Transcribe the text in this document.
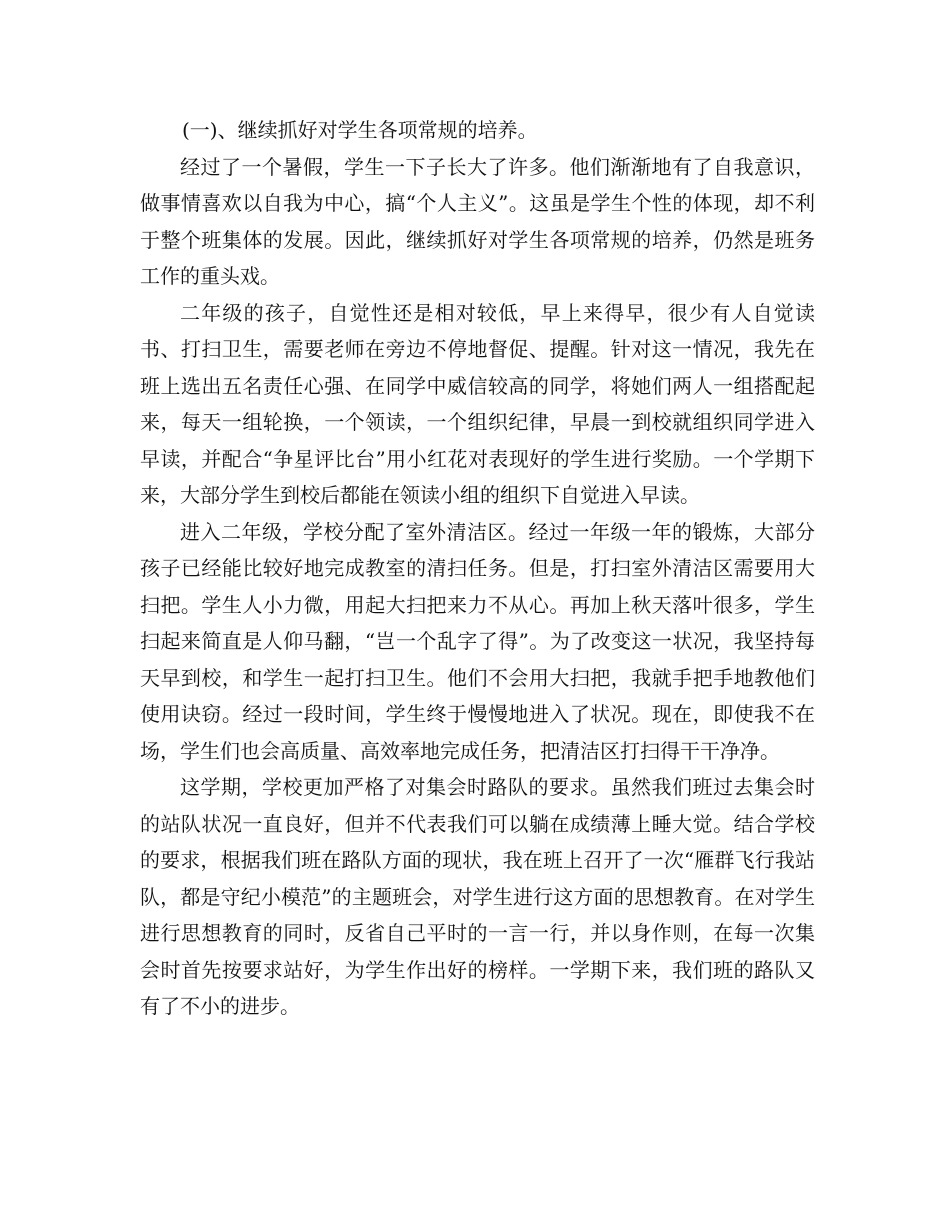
(一)、继续抓好对学生各项常规的培养。

经过了一个暑假，学生一下子长大了许多。他们渐渐地有了自我意识，做事情喜欢以自我为中心，搞“个人主义”。这虽是学生个性的体现，却不利于整个班集体的发展。因此，继续抓好对学生各项常规的培养，仍然是班务工作的重头戏。

二年级的孩子，自觉性还是相对较低，早上来得早，很少有人自觉读书、打扫卫生，需要老师在旁边不停地督促、提醒。针对这一情况，我先在班上选出五名责任心强、在同学中威信较高的同学，将她们两人一组搭配起来，每天一组轮换，一个领读，一个组织纪律，早晨一到校就组织同学进入早读，并配合“争星评比台”用小红花对表现好的学生进行奖励。一个学期下来，大部分学生到校后都能在领读小组的组织下自觉进入早读。

进入二年级，学校分配了室外清洁区。经过一年级一年的锻炼，大部分孩子已经能比较好地完成教室的清扫任务。但是，打扫室外清洁区需要用大扫把。学生人小力微，用起大扫把来力不从心。再加上秋天落叶很多，学生扫起来简直是人仰马翻，“岂一个乱字了得”。为了改变这一状况，我坚持每天早到校，和学生一起打扫卫生。他们不会用大扫把，我就手把手地教他们使用诀窃。经过一段时间，学生终于慢慢地进入了状况。现在，即使我不在场，学生们也会高质量、高效率地完成任务，把清洁区打扫得干干净净。

这学期，学校更加严格了对集会时路队的要求。虽然我们班过去集会时的站队状况一直良好，但并不代表我们可以躺在成绩薄上睡大觉。结合学校的要求，根据我们班在路队方面的现状，我在班上召开了一次“雁群飞行我站队，都是守纪小模范”的主题班会，对学生进行这方面的思想教育。在对学生进行思想教育的同时，反省自己平时的一言一行，并以身作则，在每一次集会时首先按要求站好，为学生作出好的榜样。一学期下来，我们班的路队又有了不小的进步。
